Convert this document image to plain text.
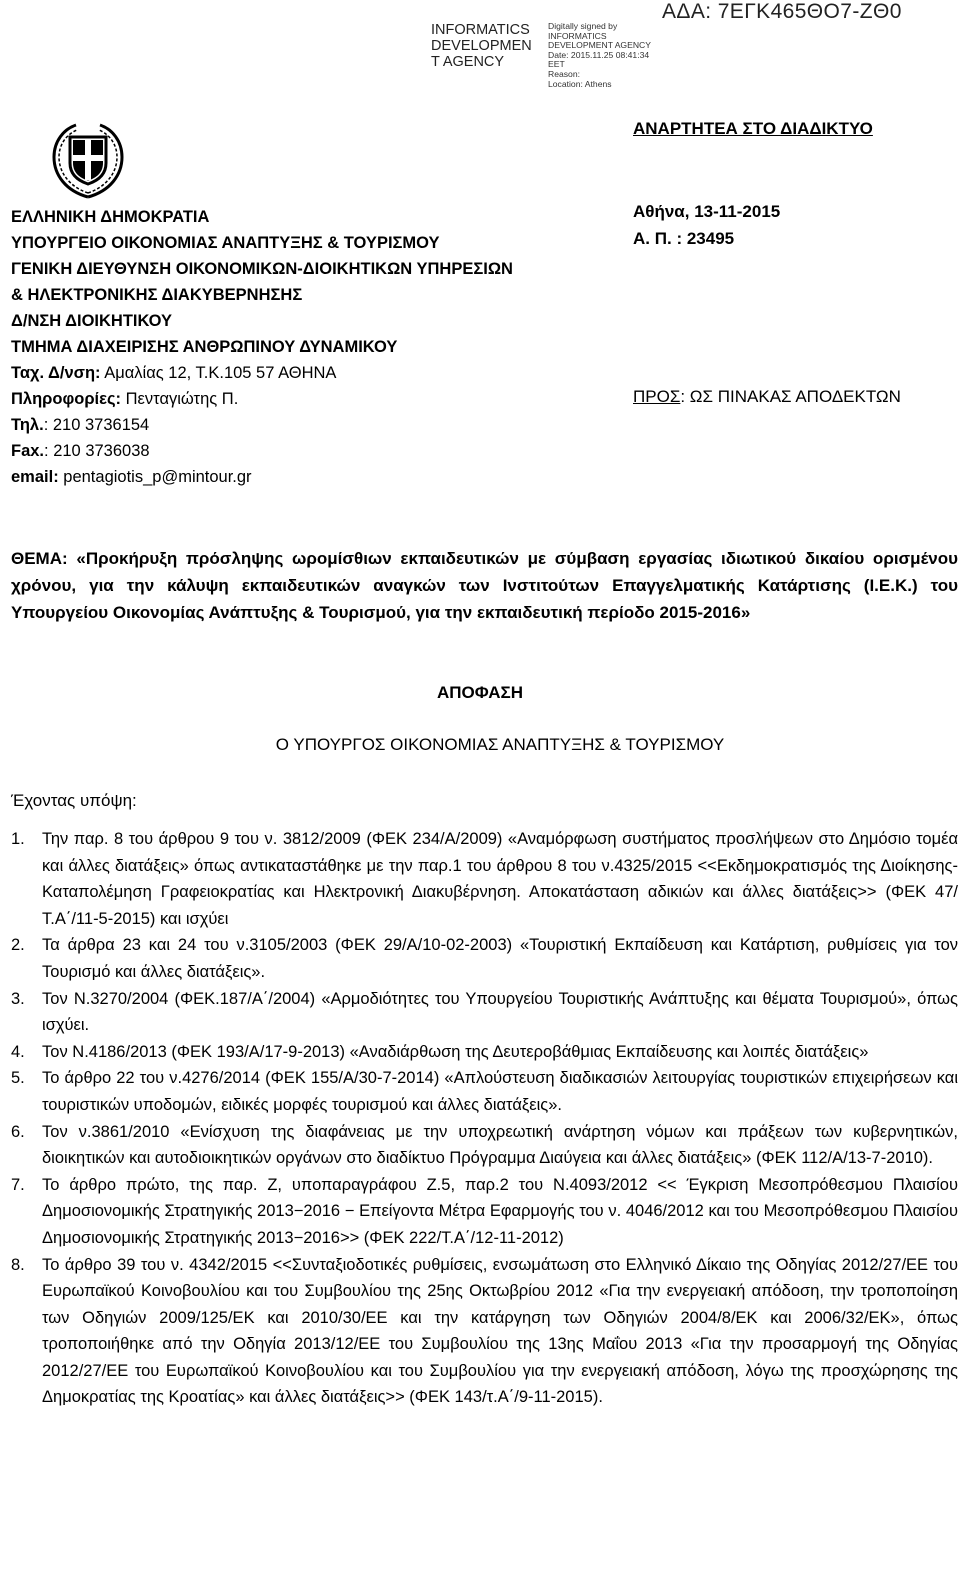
INFORMATICS DEVELOPMEN T AGENCY
Digitally signed by INFORMATICS DEVELOPMENT AGENCY
Date: 2015.11.25 08:41:34 EET
Reason:
Location: Athens
ΑΔΑ: 7ΕΓΚ465ΘΟ7-ΖΘ0
ΑΝΑΡΤΗΤΕΑ ΣΤΟ ΔΙΑΔΙΚΤΥΟ
ΕΛΛΗΝΙΚΗ ΔΗΜΟΚΡΑΤΙΑ
ΥΠΟΥΡΓΕΙΟ ΟΙΚΟΝΟΜΙΑΣ ΑΝΑΠΤΥΞΗΣ & ΤΟΥΡΙΣΜΟΥ
ΓΕΝΙΚΗ ΔΙΕΥΘΥΝΣΗ ΟΙΚΟΝΟΜΙΚΩΝ-ΔΙΟΙΚΗΤΙΚΩΝ ΥΠΗΡΕΣΙΩΝ
& ΗΛΕΚΤΡΟΝΙΚΗΣ ΔΙΑΚΥΒΕΡΝΗΣΗΣ
Δ/ΝΣΗ ΔΙΟΙΚΗΤΙΚΟΥ
ΤΜΗΜΑ ΔΙΑΧΕΙΡΙΣΗΣ ΑΝΘΡΩΠΙΝΟΥ ΔΥΝΑΜΙΚΟΥ
Ταχ. Δ/νση: Αμαλίας 12, Τ.Κ.105 57 ΑΘΗΝΑ
Πληροφορίες: Πενταγιώτης Π.
Τηλ.: 210 3736154
Fax.: 210 3736038
email: pentagiotis_p@mintour.gr
Αθήνα, 13-11-2015
Α. Π. : 23495
ΠΡΟΣ: ΩΣ ΠΙΝΑΚΑΣ ΑΠΟΔΕΚΤΩΝ
ΘΕΜΑ: «Προκήρυξη πρόσληψης ωρομίσθιων εκπαιδευτικών με σύμβαση εργασίας ιδιωτικού δικαίου ορισμένου χρόνου, για την κάλυψη εκπαιδευτικών αναγκών των Ινστιτούτων Επαγγελματικής Κατάρτισης (Ι.Ε.Κ.) του Υπουργείου Οικονομίας Ανάπτυξης & Τουρισμού, για την εκπαιδευτική περίοδο 2015-2016»
ΑΠΟΦΑΣΗ
Ο ΥΠΟΥΡΓΟΣ ΟΙΚΟΝΟΜΙΑΣ ΑΝΑΠΤΥΞΗΣ & ΤΟΥΡΙΣΜΟΥ
Έχοντας υπόψη:
1. Την παρ. 8 του άρθρου 9 του ν. 3812/2009 (ΦΕΚ 234/Α/2009) «Αναμόρφωση συστήματος προσλήψεων στο Δημόσιο τομέα και άλλες διατάξεις» όπως αντικαταστάθηκε με την παρ.1 του άρθρου 8 του ν.4325/2015 <<Εκδημοκρατισμός της Διοίκησης-Καταπολέμηση Γραφειοκρατίας και Ηλεκτρονική Διακυβέρνηση. Αποκατάσταση αδικιών και άλλες διατάξεις>> (ΦΕΚ 47/Τ.Α΄/11-5-2015) και ισχύει
2. Τα άρθρα 23 και 24 του ν.3105/2003 (ΦΕΚ 29/Α/10-02-2003) «Τουριστική Εκπαίδευση και Κατάρτιση, ρυθμίσεις για τον Τουρισμό και άλλες διατάξεις».
3. Τον Ν.3270/2004 (ΦΕΚ.187/Α΄/2004) «Αρμοδιότητες του Υπουργείου Τουριστικής Ανάπτυξης και θέματα Τουρισμού», όπως ισχύει.
4. Τον Ν.4186/2013 (ΦΕΚ 193/Α/17-9-2013) «Αναδιάρθωση της Δευτεροβάθμιας Εκπαίδευσης και λοιπές διατάξεις»
5. Το άρθρο 22 του ν.4276/2014 (ΦΕΚ 155/Α/30-7-2014) «Απλούστευση διαδικασιών λειτουργίας τουριστικών επιχειρήσεων και τουριστικών υποδομών, ειδικές μορφές τουρισμού και άλλες διατάξεις».
6. Τον ν.3861/2010 «Ενίσχυση της διαφάνειας με την υποχρεωτική ανάρτηση νόμων και πράξεων των κυβερνητικών, διοικητικών και αυτοδιοικητικών οργάνων στο διαδίκτυο Πρόγραμμα Διαύγεια και άλλες διατάξεις» (ΦΕΚ 112/Α/13-7-2010).
7. Το άρθρο πρώτο, της παρ. Ζ, υποπαραγράφου Ζ.5, παρ.2 του Ν.4093/2012 << Έγκριση Μεσοπρόθεσμου Πλαισίου Δημοσιονομικής Στρατηγικής 2013−2016 − Επείγοντα Μέτρα Εφαρμογής του ν. 4046/2012 και του Μεσοπρόθεσμου Πλαισίου Δημοσιονομικής Στρατηγικής 2013−2016>> (ΦΕΚ 222/Τ.Α΄/12-11-2012)
8. Το άρθρο 39 του ν. 4342/2015 <<Συνταξιοδοτικές ρυθμίσεις, ενσωμάτωση στο Ελληνικό Δίκαιο της Οδηγίας 2012/27/ΕΕ του Ευρωπαϊκού Κοινοβουλίου και του Συμβουλίου της 25ης Οκτωβρίου 2012 «Για την ενεργειακή απόδοση, την τροποποίηση των Οδηγιών 2009/125/ΕΚ και 2010/30/ΕΕ και την κατάργηση των Οδηγιών 2004/8/ΕΚ και 2006/32/ΕΚ», όπως τροποποιήθηκε από την Οδηγία 2013/12/ΕΕ του Συμβουλίου της 13ης Μαΐου 2013 «Για την προσαρμογή της Οδηγίας 2012/27/ΕΕ του Ευρωπαϊκού Κοινοβουλίου και του Συμβουλίου για την ενεργειακή απόδοση, λόγω της προσχώρησης της Δημοκρατίας της Κροατίας» και άλλες διατάξεις>> (ΦΕΚ 143/τ.Α΄/9-11-2015).
